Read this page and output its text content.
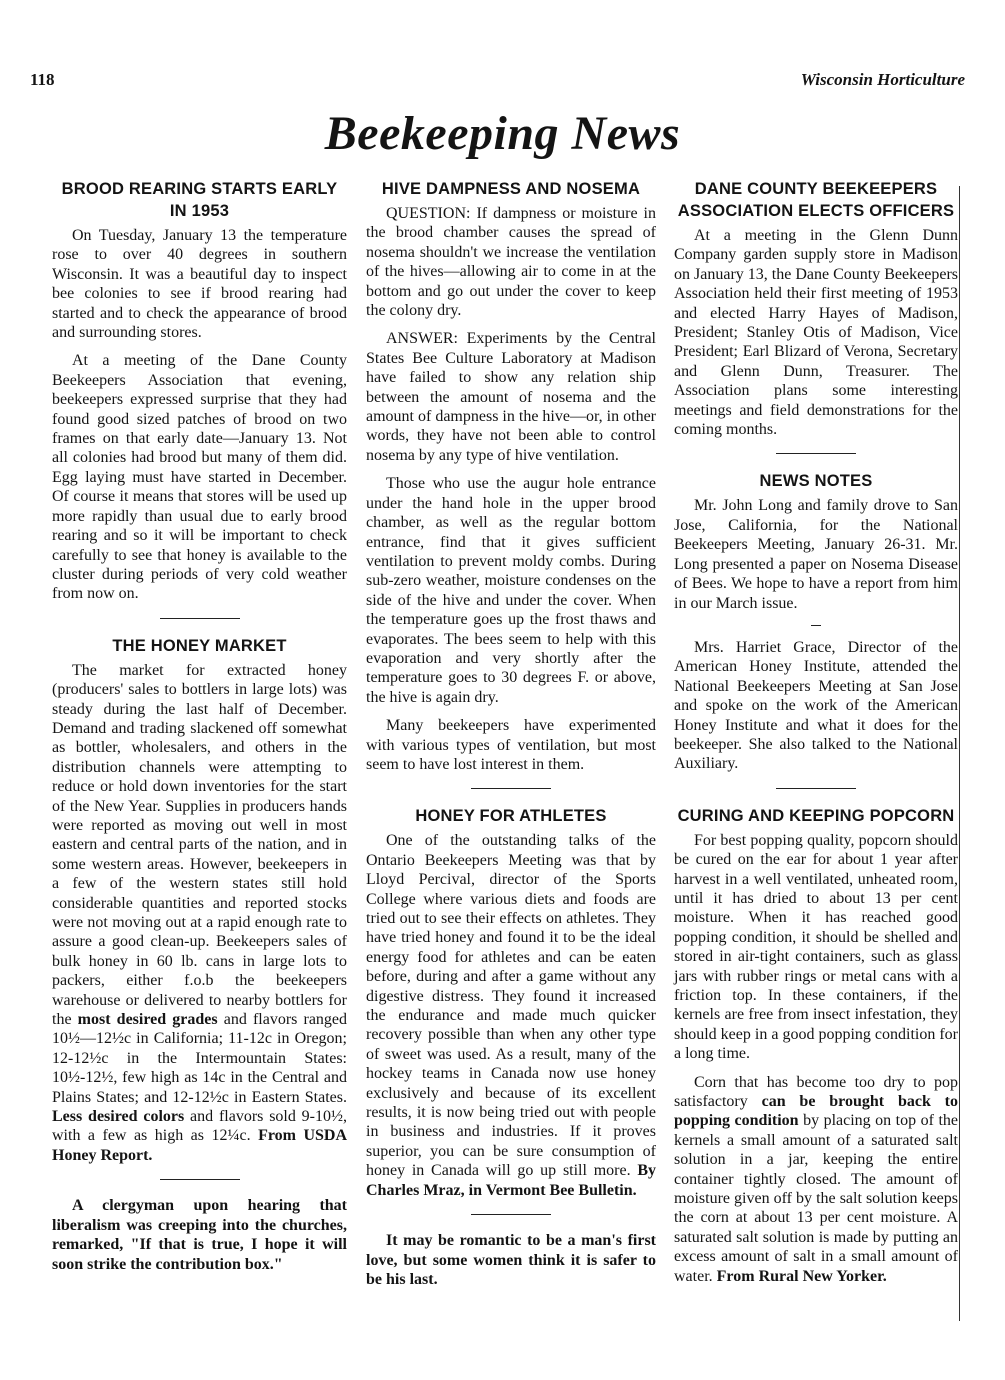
118	Wisconsin Horticulture
Beekeeping News
BROOD REARING STARTS EARLY
IN 1953

On Tuesday, January 13 the temperature rose to over 40 degrees in southern Wisconsin. It was a beautiful day to inspect bee colonies to see if brood rearing had started and to check the appearance of brood and surrounding stores.

At a meeting of the Dane County Beekeepers Association that evening, beekeepers expressed surprise that they had found good sized patches of brood on two frames on that early date—January 13. Not all colonies had brood but many of them did. Egg laying must have started in December. Of course it means that stores will be used up more rapidly than usual due to early brood rearing and so it will be important to check carefully to see that honey is available to the cluster during periods of very cold weather from now on.

THE HONEY MARKET

The market for extracted honey (producers' sales to bottlers in large lots) was steady during the last half of December. Demand and trading slackened off somewhat as bottler, wholesalers, and others in the distribution channels were attempting to reduce or hold down inventories for the start of the New Year. Supplies in producers hands were reported as moving out well in most eastern and central parts of the nation, and in some western areas. However, beekeepers in a few of the western states still hold considerable quantities and reported stocks were not moving out at a rapid enough rate to assure a good clean-up. Beekeepers sales of bulk honey in 60 lb. cans in large lots to packers, either f.o.b the beekeepers warehouse or delivered to nearby bottlers for the most desired grades and flavors ranged 10½—12½c in California; 11-12c in Oregon; 12-12½c in the Intermountain States: 10½-12½, few high as 14c in the Central and Plains States; and 12-12½c in Eastern States. Less desired colors and flavors sold 9-10½, with a few as high as 12¼c. From USDA Honey Report.

A clergyman upon hearing that liberalism was creeping into the churches, remarked, "If that is true, I hope it will soon strike the contribution box."

HIVE DAMPNESS AND NOSEMA

QUESTION: If dampness or moisture in the brood chamber causes the spread of nosema shouldn't we increase the ventilation of the hives—allowing air to come in at the bottom and go out under the cover to keep the colony dry.

ANSWER: Experiments by the Central States Bee Culture Laboratory at Madison have failed to show any relation ship between the amount of nosema and the amount of dampness in the hive—or, in other words, they have not been able to control nosema by any type of hive ventilation.

Those who use the augur hole entrance under the hand hole in the upper brood chamber, as well as the regular bottom entrance, find that it gives sufficient ventilation to prevent moldy combs. During sub-zero weather, moisture condenses on the side of the hive and under the cover. When the temperature goes up the frost thaws and evaporates. The bees seem to help with this evaporation and very shortly after the temperature goes to 30 degrees F. or above, the hive is again dry.

Many beekeepers have experimented with various types of ventilation, but most seem to have lost interest in them.

HONEY FOR ATHLETES

One of the outstanding talks of the Ontario Beekeepers Meeting was that by Lloyd Percival, director of the Sports College where various diets and foods are tried out to see their effects on athletes. They have tried honey and found it to be the ideal energy food for athletes and can be eaten before, during and after a game without any digestive distress. They found it increased the endurance and made much quicker recovery possible than when any other type of sweet was used. As a result, many of the hockey teams in Canada now use honey exclusively and because of its excellent results, it is now being tried out with people in business and industries. If it proves superior, you can be sure consumption of honey in Canada will go up still more. By Charles Mraz, in Vermont Bee Bulletin.

It may be romantic to be a man's first love, but some women think it is safer to be his last.

DANE COUNTY BEEKEEPERS
ASSOCIATION ELECTS OFFICERS

At a meeting in the Glenn Dunn Company garden supply store in Madison on January 13, the Dane County Beekeepers Association held their first meeting of 1953 and elected Harry Hayes of Madison, President; Stanley Otis of Madison, Vice President; Earl Blizard of Verona, Secretary and Glenn Dunn, Treasurer. The Association plans some interesting meetings and field demonstrations for the coming months.

NEWS NOTES

Mr. John Long and family drove to San Jose, California, for the National Beekeepers Meeting, January 26-31. Mr. Long presented a paper on Nosema Disease of Bees. We hope to have a report from him in our March issue.

Mrs. Harriet Grace, Director of the American Honey Institute, attended the National Beekeepers Meeting at San Jose and spoke on the work of the American Honey Institute and what it does for the beekeeper. She also talked to the National Auxiliary.

CURING AND KEEPING POPCORN

For best popping quality, popcorn should be cured on the ear for about 1 year after harvest in a well ventilated, unheated room, until it has dried to about 13 per cent moisture. When it has reached good popping condition, it should be shelled and stored in air-tight containers, such as glass jars with rubber rings or metal cans with a friction top. In these containers, if the kernels are free from insect infestation, they should keep in a good popping condition for a long time.

Corn that has become too dry to pop satisfactory can be brought back to popping condition by placing on top of the kernels a small amount of a saturated salt solution in a jar, keeping the entire container tightly closed. The amount of moisture given off by the salt solution keeps the corn at about 13 per cent moisture. A saturated salt solution is made by putting an excess amount of salt in a small amount of water. From Rural New Yorker.
